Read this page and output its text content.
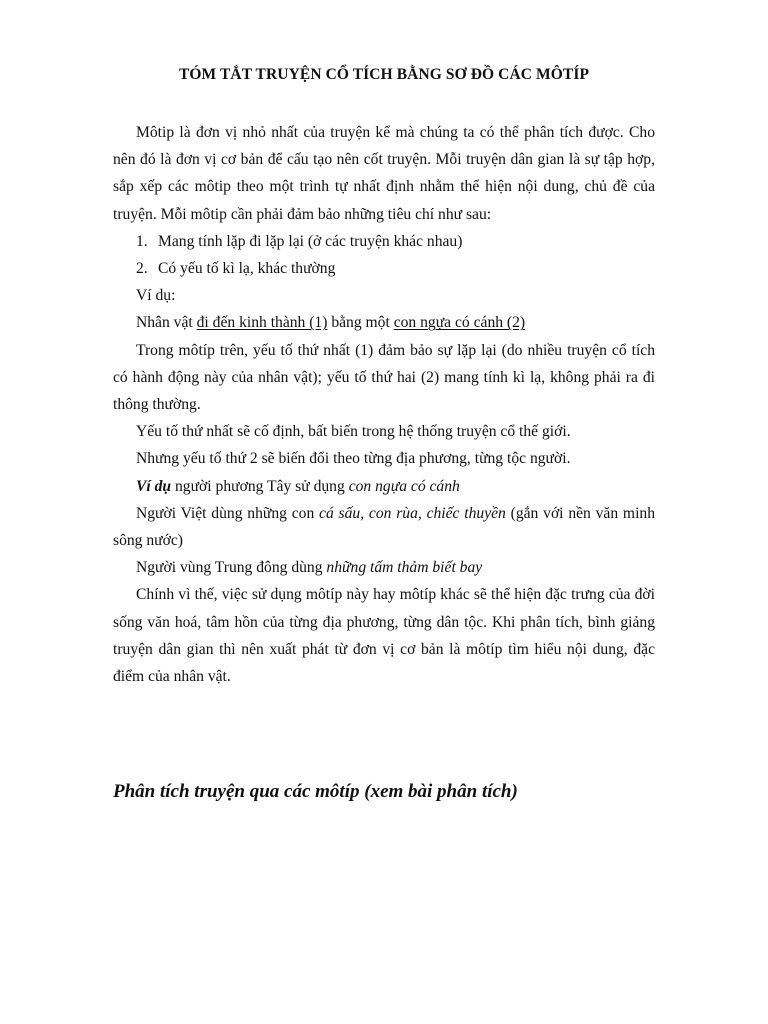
TÓM TẮT TRUYỆN CỔ TÍCH BẰNG SƠ ĐỒ CÁC MÔTÍP

Môtip là đơn vị nhỏ nhất của truyện kể mà chúng ta có thể phân tích được. Cho nên đó là đơn vị cơ bản để cấu tạo nên cốt truyện. Mỗi truyện dân gian là sự tập hợp, sắp xếp các môtip theo một trình tự nhất định nhằm thể hiện nội dung, chủ đề của truyện. Mỗi môtip cần phải đảm bảo những tiêu chí như sau:

1. Mang tính lặp đi lặp lại (ở các truyện khác nhau)

2. Có yếu tố kì lạ, khác thường

Ví dụ:

Nhân vật đi đến kinh thành (1) bằng một con ngựa có cánh (2)

Trong môtíp trên, yếu tố thứ nhất (1) đảm bảo sự lặp lại (do nhiều truyện cổ tích có hành động này của nhân vật); yếu tố thứ hai (2) mang tính kì lạ, không phải ra đi thông thường.

Yếu tố thứ nhất sẽ cố định, bất biến trong hệ thống truyện cổ thế giới.

Nhưng yếu tố thứ 2 sẽ biến đổi theo từng địa phương, từng tộc người.

Ví dụ người phương Tây sử dụng con ngựa có cánh

Người Việt dùng những con cá sấu, con rùa, chiếc thuyền (gắn với nền văn minh sông nước)

Người vùng Trung đông dùng những tấm thảm biết bay

Chính vì thế, việc sử dụng môtíp này hay môtíp khác sẽ thể hiện đặc trưng của đời sống văn hoá, tâm hồn của từng địa phương, từng dân tộc. Khi phân tích, bình giảng truyện dân gian thì nên xuất phát từ đơn vị cơ bản là môtíp tìm hiểu nội dung, đặc điểm của nhân vật.

Phân tích truyện qua các môtíp (xem bài phân tích)
